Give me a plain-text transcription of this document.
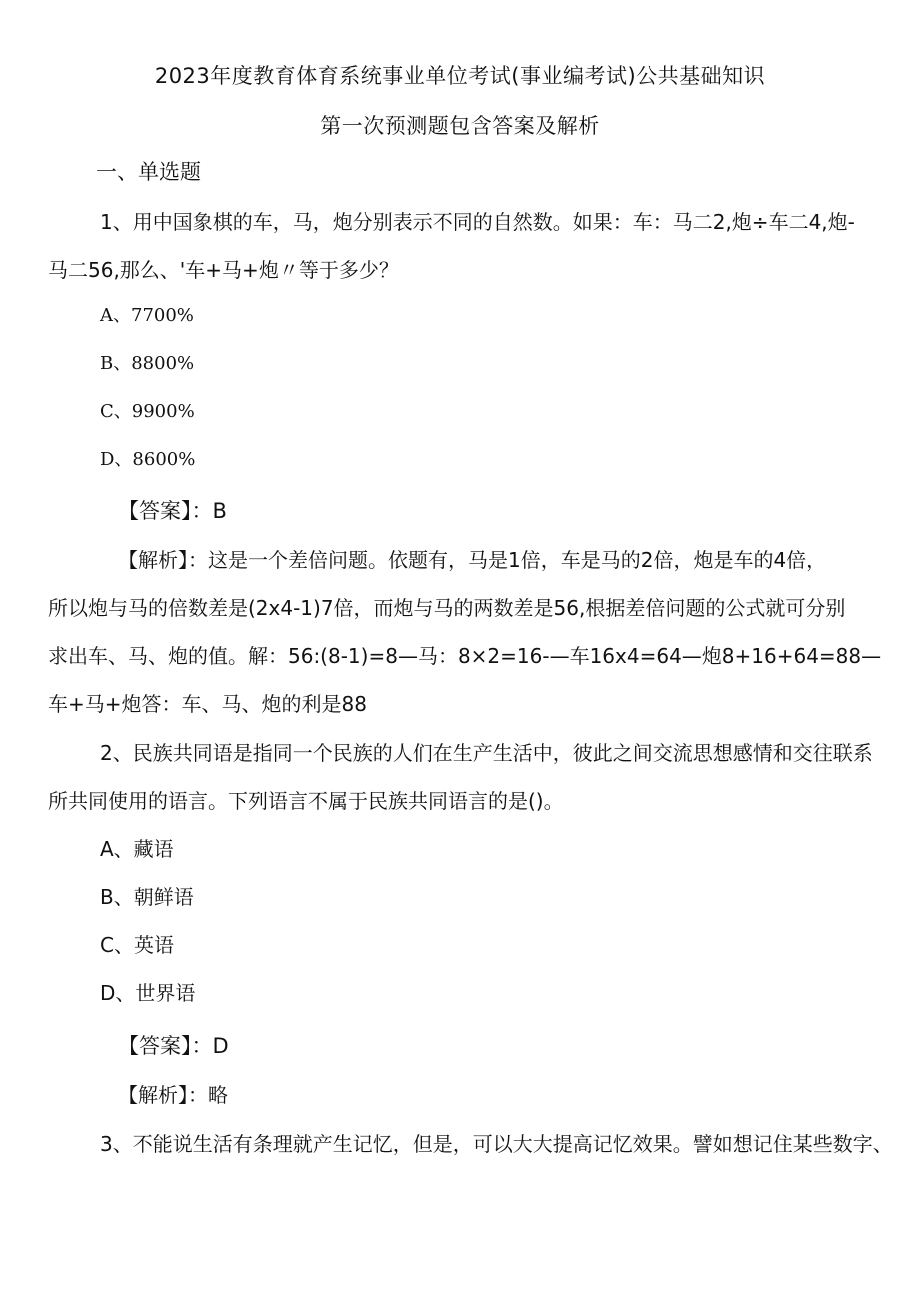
2023年度教育体育系统事业单位考试(事业编考试)公共基础知识
第一次预测题包含答案及解析
一、单选题
1、用中国象棋的车，马，炮分别表示不同的自然数。如果：车：马二2,炮÷车二4,炮-
马二56,那么、'车+马+炮〃等于多少？
A、7700%
B、8800%
C、9900%
D、8600%
【答案】：B
【解析】：这是一个差倍问题。依题有，马是1倍，车是马的2倍，炮是车的4倍，
所以炮与马的倍数差是(2x4-1)7倍，而炮与马的两数差是56,根据差倍问题的公式就可分别
求出车、马、炮的值。解：56:(8-1)=8—马：8×2=16-—车16x4=64—炮8+16+64=88—
车+马+炮答：车、马、炮的利是88
2、民族共同语是指同一个民族的人们在生产生活中，彼此之间交流思想感情和交往联系
所共同使用的语言。下列语言不属于民族共同语言的是()。
A、藏语
B、朝鲜语
C、英语
D、世界语
【答案】：D
【解析】：略
3、不能说生活有条理就产生记忆，但是，可以大大提高记忆效果。譬如想记住某些数字、
